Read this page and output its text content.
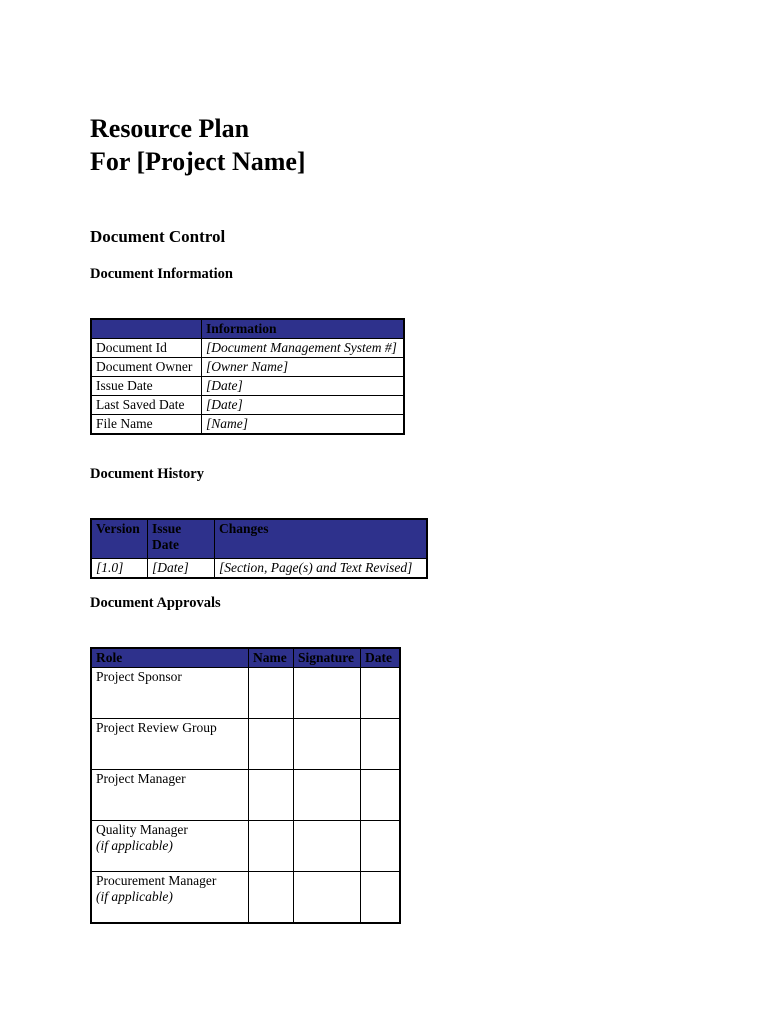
Resource Plan
For [Project Name]
Document Control
Document Information
	Information
Document Id	[Document Management System #]
Document Owner	[Owner Name]
Issue Date	[Date]
Last Saved Date	[Date]
File Name	[Name]
Document History
Version	Issue Date	Changes
[1.0]	[Date]	[Section, Page(s) and Text Revised]
Document Approvals
Role	Name	Signature	Date
Project Sponsor

Project Review Group

Project Manager

Quality Manager
(if applicable)			
Procurement Manager
(if applicable)			
